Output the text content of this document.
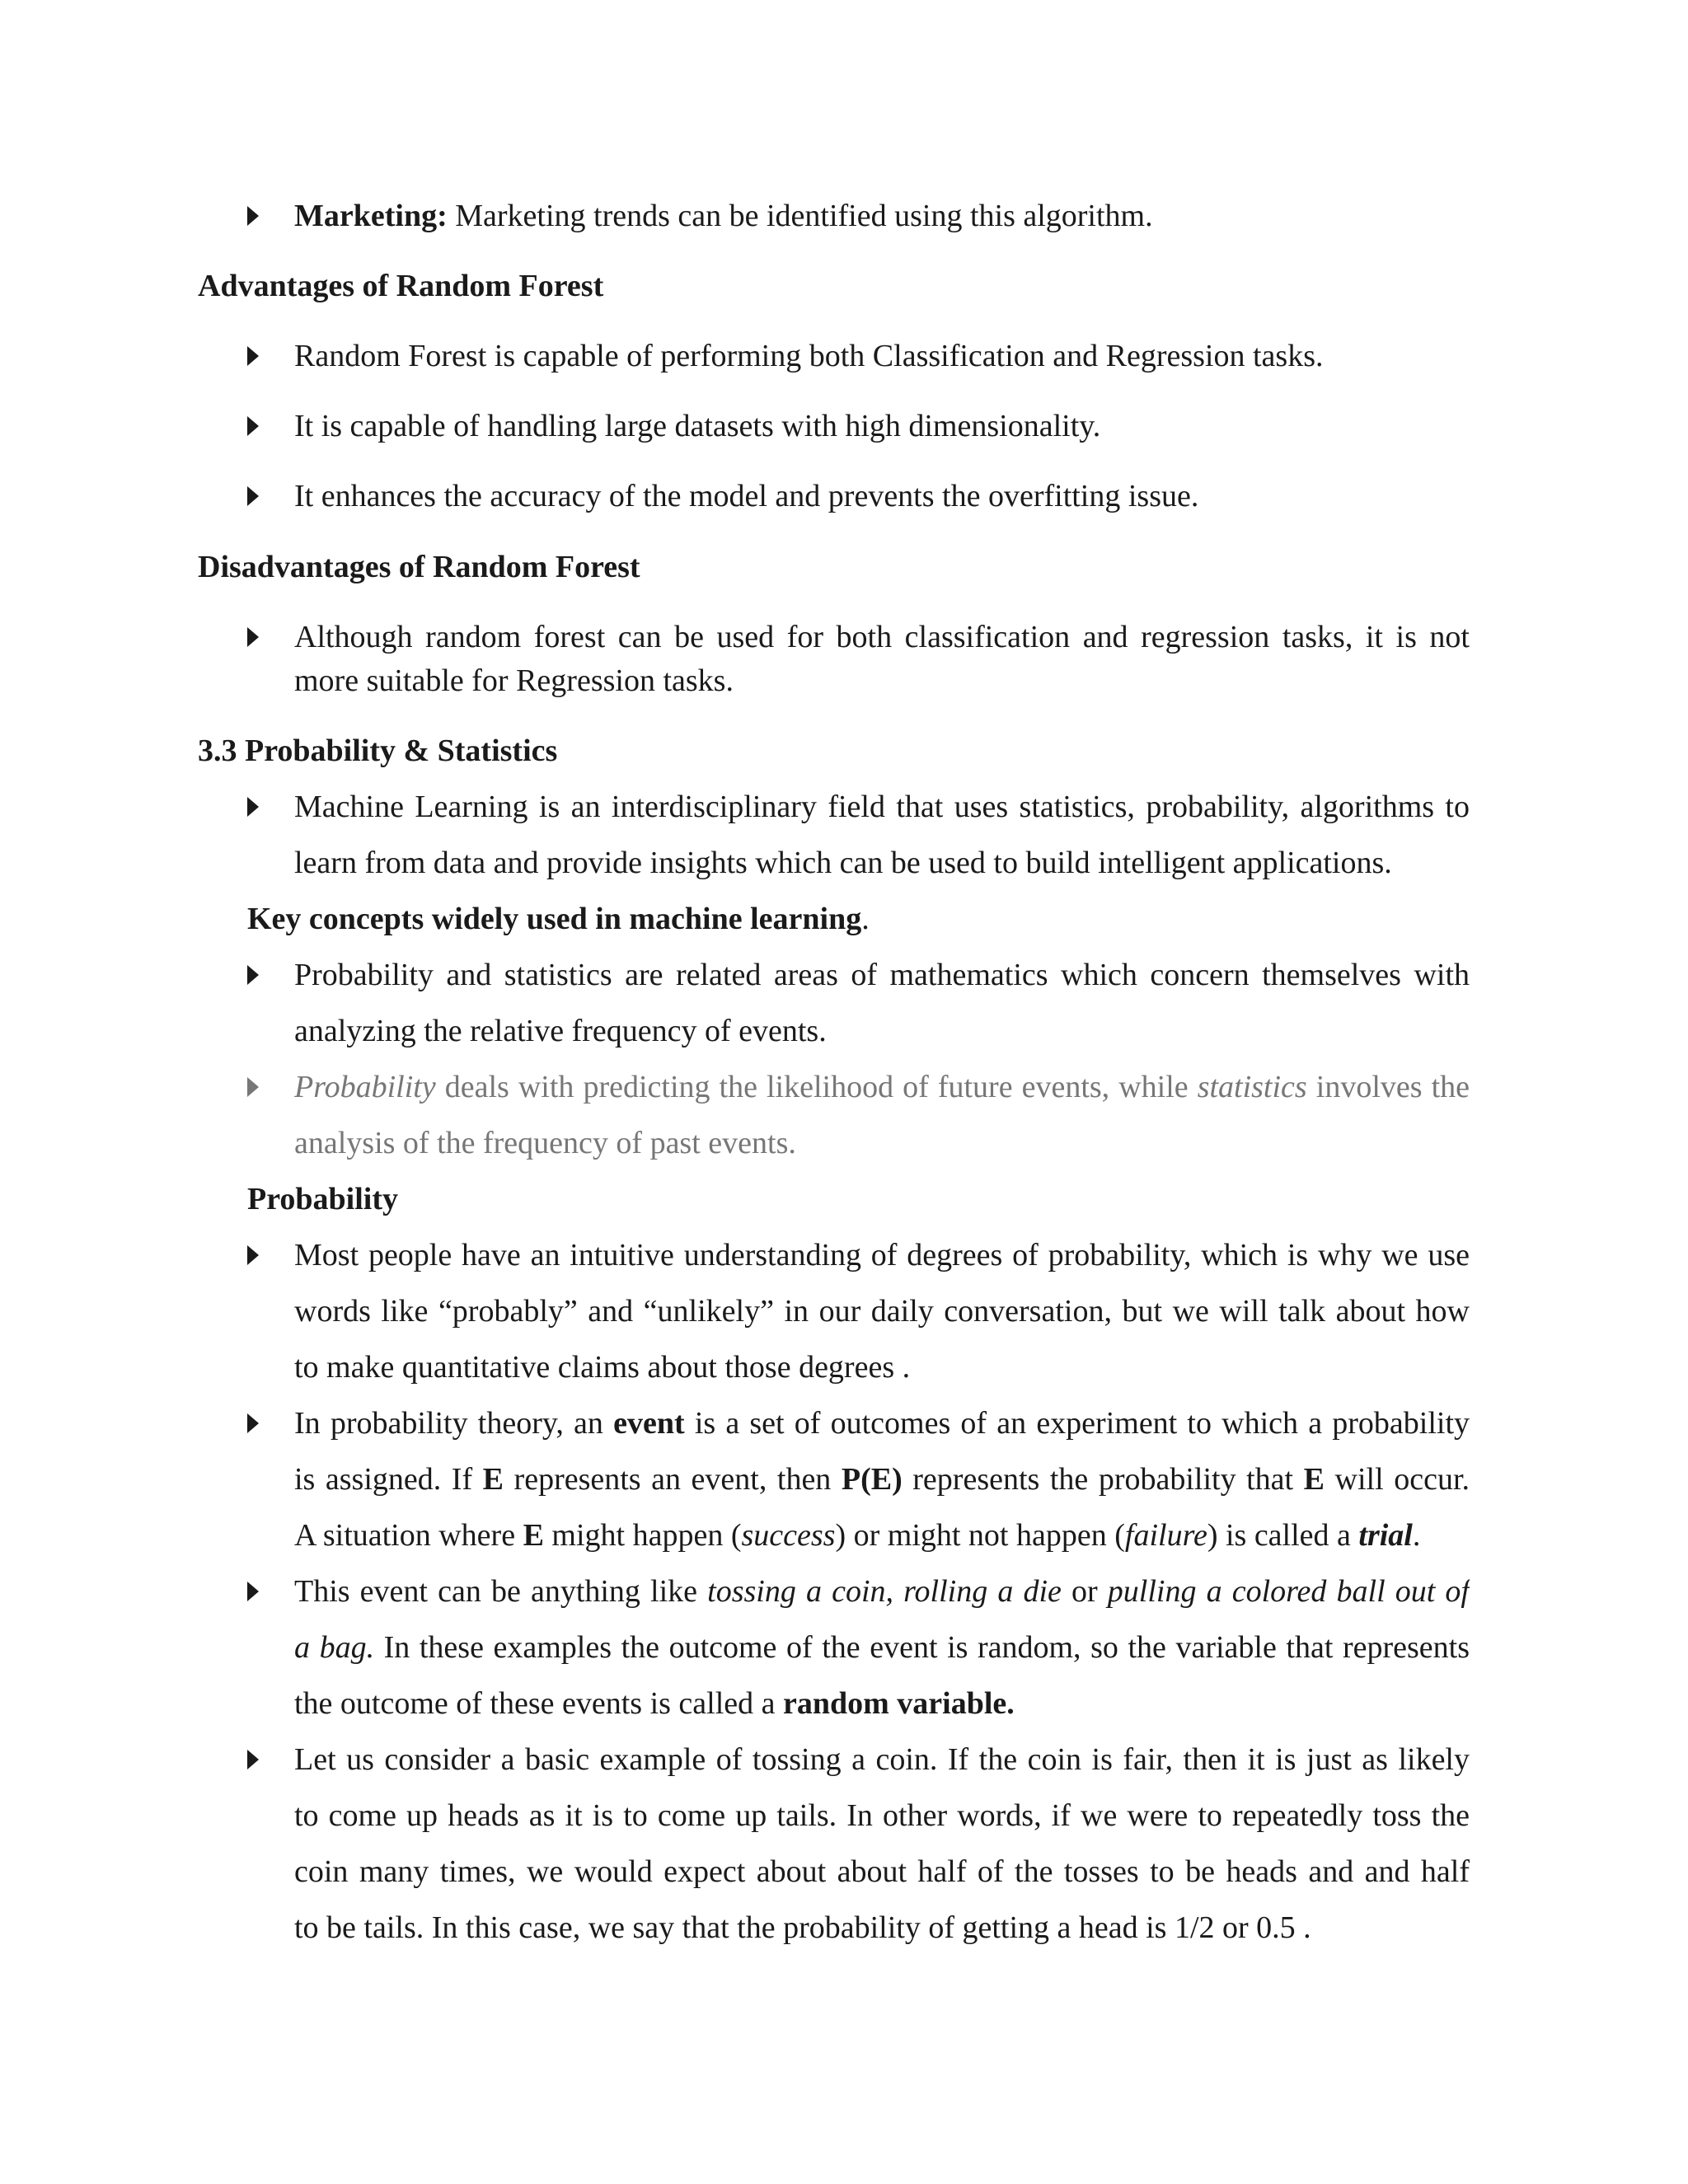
Marketing: Marketing trends can be identified using this algorithm.
Advantages of Random Forest
Random Forest is capable of performing both Classification and Regression tasks.
It is capable of handling large datasets with high dimensionality.
It enhances the accuracy of the model and prevents the overfitting issue.
Disadvantages of Random Forest
Although random forest can be used for both classification and regression tasks, it is not
more suitable for Regression tasks.
3.3 Probability & Statistics
Machine Learning is an interdisciplinary field that uses statistics, probability, algorithms to
learn from data and provide insights which can be used to build intelligent applications.
Key concepts widely used in machine learning.
Probability and statistics are related areas of mathematics which concern themselves with
analyzing the relative frequency of events.
Probability deals with predicting the likelihood of future events, while statistics involves the
analysis of the frequency of past events.
Probability
Most people have an intuitive understanding of degrees of probability, which is why we use
words like “probably” and “unlikely” in our daily conversation, but we will talk about how
to make quantitative claims about those degrees .
In probability theory, an event is a set of outcomes of an experiment to which a probability
is assigned. If E represents an event, then P(E) represents the probability that E will occur.
A situation where E might happen (success) or might not happen (failure) is called a trial.
This event can be anything like tossing a coin, rolling a die or pulling a colored ball out of
a bag. In these examples the outcome of the event is random, so the variable that represents
the outcome of these events is called a random variable.
Let us consider a basic example of tossing a coin. If the coin is fair, then it is just as likely
to come up heads as it is to come up tails. In other words, if we were to repeatedly toss the
coin many times, we would expect about about half of the tosses to be heads and and half
to be tails. In this case, we say that the probability of getting a head is 1/2 or 0.5 .
